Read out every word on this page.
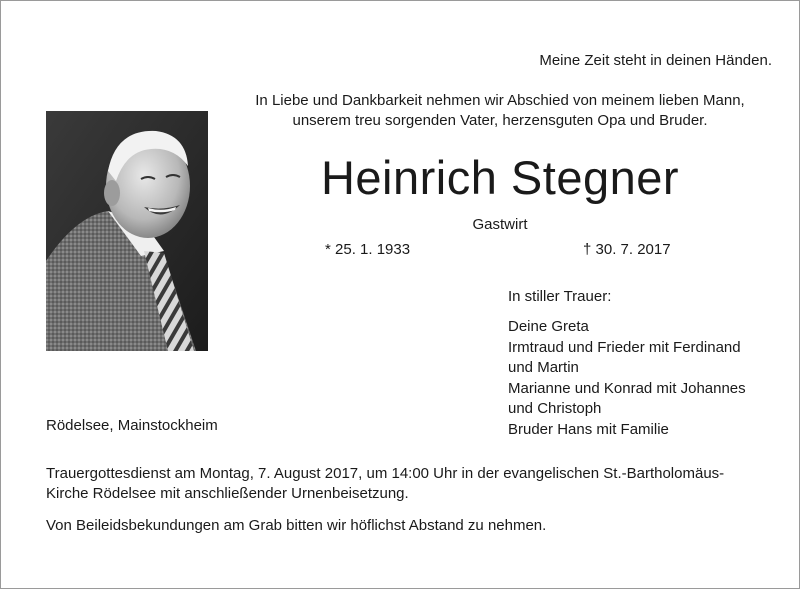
Meine Zeit steht in deinen Händen.
In Liebe und Dankbarkeit nehmen wir Abschied von meinem lieben Mann,
unserem treu sorgenden Vater, herzensguten Opa und Bruder.
Heinrich Stegner
Gastwirt
* 25. 1. 1933	† 30. 7. 2017
In stiller Trauer:
Deine Greta
Irmtraud und Frieder mit Ferdinand
und Martin
Marianne und Konrad mit Johannes
und Christoph
Bruder Hans mit Familie
Rödelsee, Mainstockheim
Trauergottesdienst am Montag, 7. August 2017, um 14:00 Uhr in der evangelischen St.-Bartholomäus-
Kirche Rödelsee mit anschließender Urnenbeisetzung.
Von Beileidsbekundungen am Grab bitten wir höflichst Abstand zu nehmen.
